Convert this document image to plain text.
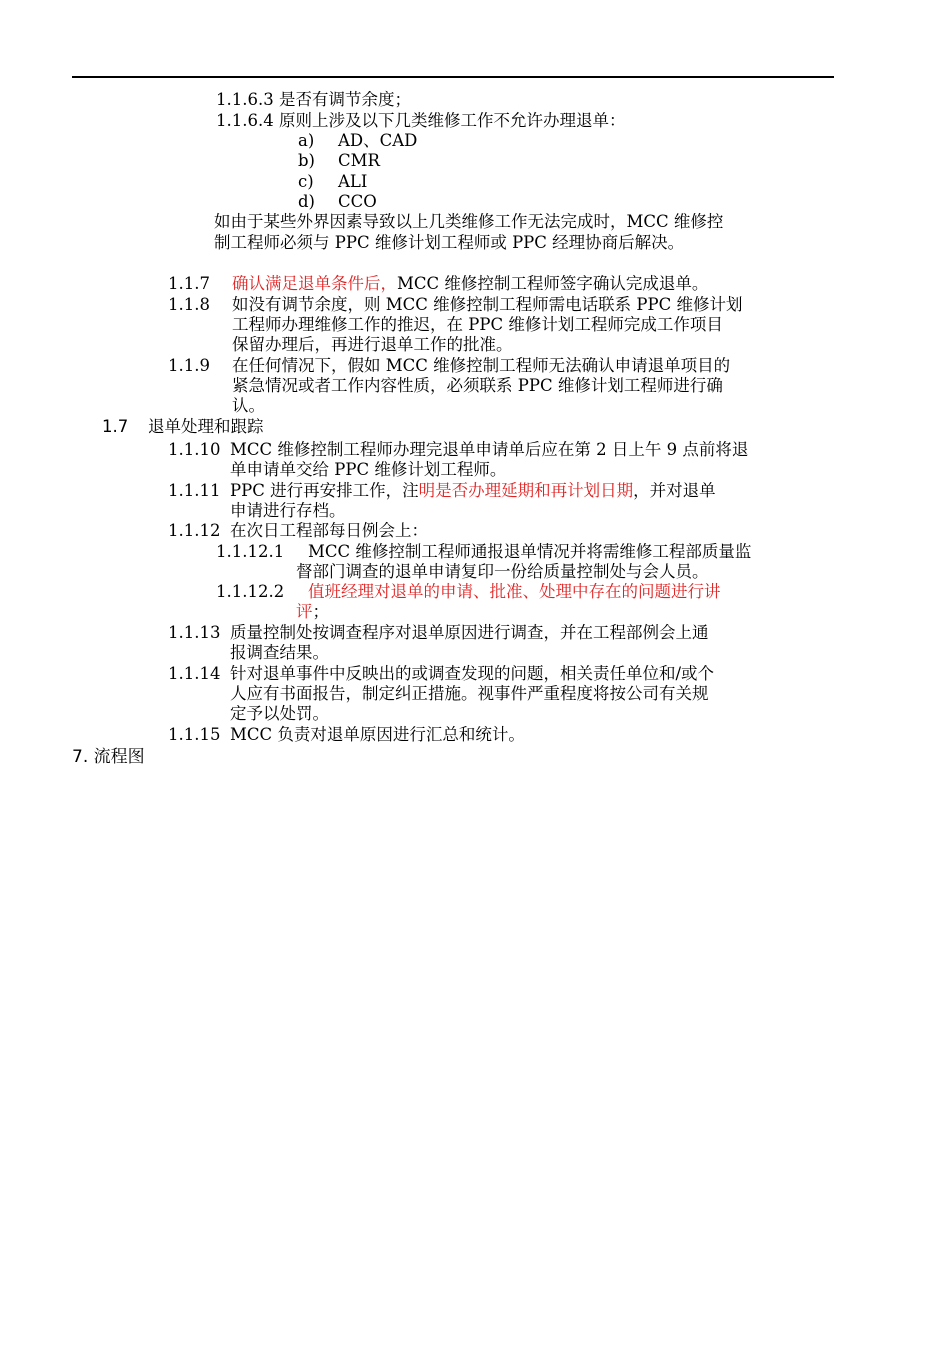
1.1.6.3 是否有调节余度；
1.1.6.4 原则上涉及以下几类维修工作不允许办理退单：
a) AD、CAD
b) CMR
c) ALI
d) CCO
如由于某些外界因素导致以上几类维修工作无法完成时，MCC 维修控
制工程师必须与 PPC 维修计划工程师或 PPC 经理协商后解决。
1.1.7 确认满足退单条件后，MCC 维修控制工程师签字确认完成退单。
1.1.8 如没有调节余度，则 MCC 维修控制工程师需电话联系 PPC 维修计划
工程师办理维修工作的推迟，在 PPC 维修计划工程师完成工作项目
保留办理后，再进行退单工作的批准。
1.1.9 在任何情况下，假如 MCC 维修控制工程师无法确认申请退单项目的
紧急情况或者工作内容性质，必须联系 PPC 维修计划工程师进行确
认。
1.7 退单处理和跟踪
1.1.10 MCC 维修控制工程师办理完退单申请单后应在第 2 日上午 9 点前将退
单申请单交给 PPC 维修计划工程师。
1.1.11 PPC 进行再安排工作，注明是否办理延期和再计划日期，并对退单
申请进行存档。
1.1.12 在次日工程部每日例会上：
1.1.12.1 MCC 维修控制工程师通报退单情况并将需维修工程部质量监
督部门调查的退单申请复印一份给质量控制处与会人员。
1.1.12.2 值班经理对退单的申请、批准、处理中存在的问题进行讲
评；
1.1.13 质量控制处按调查程序对退单原因进行调查，并在工程部例会上通
报调查结果。
1.1.14 针对退单事件中反映出的或调查发现的问题，相关责任单位和/或个
人应有书面报告，制定纠正措施。视事件严重程度将按公司有关规
定予以处罚。
1.1.15 MCC 负责对退单原因进行汇总和统计。
7. 流程图
